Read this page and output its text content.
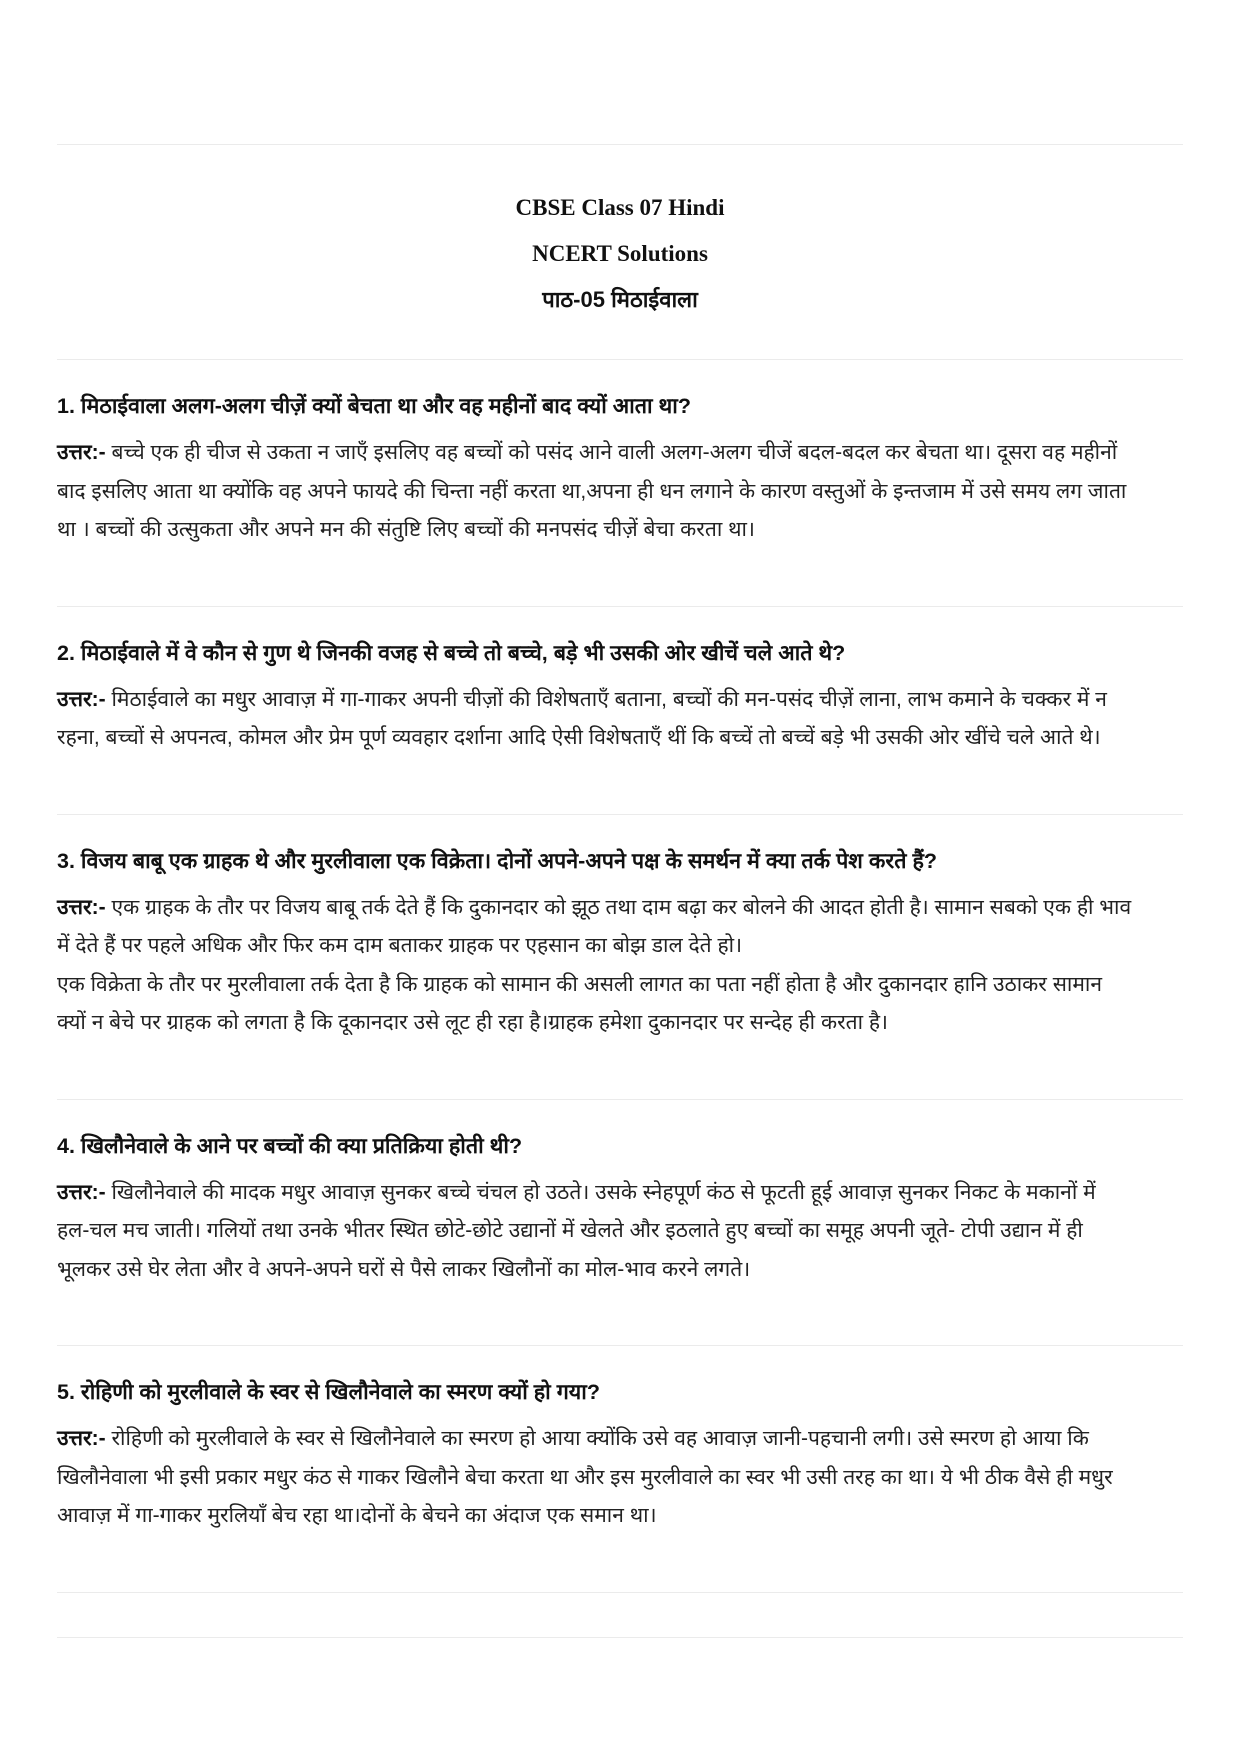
CBSE Class 07 Hindi
NCERT Solutions
पाठ-05 मिठाईवाला
1. मिठाईवाला अलग-अलग चीज़ें क्यों बेचता था और वह महीनों बाद क्यों आता था?

उत्तर:- बच्चे एक ही चीज से उकता न जाएँ इसलिए वह बच्चों को पसंद आने वाली अलग-अलग चीजें बदल-बदल कर बेचता था। दूसरा वह महीनों बाद इसलिए आता था क्योंकि वह अपने फायदे की चिन्ता नहीं करता था,अपना ही धन लगाने के कारण वस्तुओं के इन्तजाम में उसे समय लग जाता था । बच्चों की उत्सुकता और अपने मन की संतुष्टि लिए बच्चों की मनपसंद चीज़ें बेचा करता था।

2. मिठाईवाले में वे कौन से गुण थे जिनकी वजह से बच्चे तो बच्चे, बड़े भी उसकी ओर खीचें चले आते थे?

उत्तर:- मिठाईवाले का मधुर आवाज़ में गा-गाकर अपनी चीज़ों की विशेषताएँ बताना, बच्चों की मन-पसंद चीज़ें लाना, लाभ कमाने के चक्कर में न रहना, बच्चों से अपनत्व, कोमल और प्रेम पूर्ण व्यवहार दर्शाना आदि ऐसी विशेषताएँ थीं कि बच्चें तो बच्चें बड़े भी उसकी ओर खींचे चले आते थे।

3. विजय बाबू एक ग्राहक थे और मुरलीवाला एक विक्रेता। दोनों अपने-अपने पक्ष के समर्थन में क्या तर्क पेश करते हैं?

उत्तर:- एक ग्राहक के तौर पर विजय बाबू तर्क देते हैं कि दुकानदार को झूठ तथा दाम बढ़ा कर बोलने की आदत होती है। सामान सबको एक ही भाव में देते हैं पर पहले अधिक और फिर कम दाम बताकर ग्राहक पर एहसान का बोझ डाल देते हो।

एक विक्रेता के तौर पर मुरलीवाला तर्क देता है कि ग्राहक को सामान की असली लागत का पता नहीं होता है और दुकानदार हानि उठाकर सामान क्यों न बेचे पर ग्राहक को लगता है कि दूकानदार उसे लूट ही रहा है।ग्राहक हमेशा दुकानदार पर सन्देह ही करता है।

4. खिलौनेवाले के आने पर बच्चों की क्या प्रतिक्रिया होती थी?

उत्तर:- खिलौनेवाले की मादक मधुर आवाज़ सुनकर बच्चे चंचल हो उठते। उसके स्नेहपूर्ण कंठ से फूटती हूई आवाज़ सुनकर निकट के मकानों में हल-चल मच जाती। गलियों तथा उनके भीतर स्थित छोटे-छोटे उद्यानों में खेलते और इठलाते हुए बच्चों का समूह अपनी जूते- टोपी उद्यान में ही भूलकर उसे घेर लेता और वे अपने-अपने घरों से पैसे लाकर खिलौनों का मोल-भाव करने लगते।

5. रोहिणी को मुरलीवाले के स्वर से खिलौनेवाले का स्मरण क्यों हो गया?

उत्तर:- रोहिणी को मुरलीवाले के स्वर से खिलौनेवाले का स्मरण हो आया क्योंकि उसे वह आवाज़ जानी-पहचानी लगी। उसे स्मरण हो आया कि खिलौनेवाला भी इसी प्रकार मधुर कंठ से गाकर खिलौने बेचा करता था और इस मुरलीवाले का स्वर भी उसी तरह का था। ये भी ठीक वैसे ही मधुर आवाज़ में गा-गाकर मुरलियाँ बेच रहा था।दोनों के बेचने का अंदाज एक समान था।
